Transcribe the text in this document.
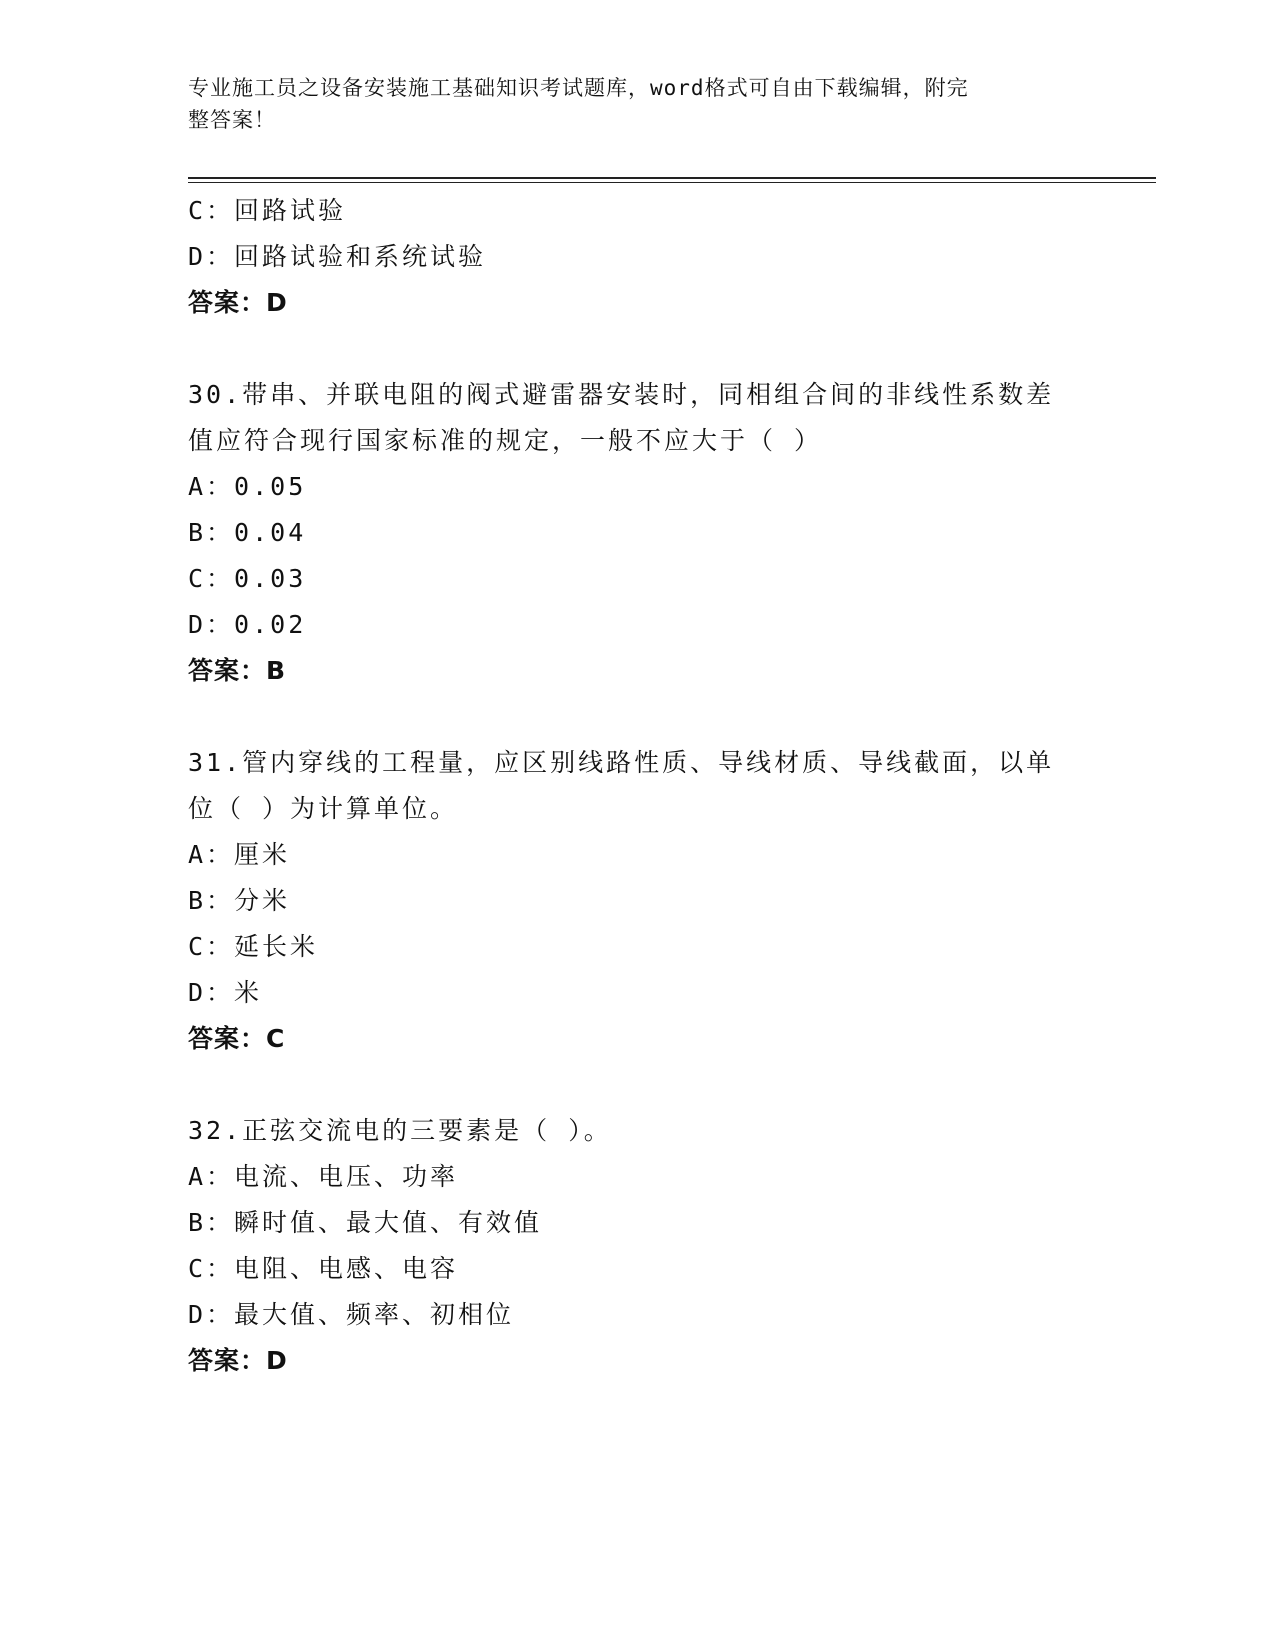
专业施工员之设备安装施工基础知识考试题库，word格式可自由下载编辑，附完
整答案！
C：回路试验
D：回路试验和系统试验
答案：D
30.带串、并联电阻的阀式避雷器安装时，同相组合间的非线性系数差
值应符合现行国家标准的规定，一般不应大于（ ）
A：0.05
B：0.04
C：0.03
D：0.02
答案：B
31.管内穿线的工程量，应区别线路性质、导线材质、导线截面，以单
位（ ）为计算单位。
A：厘米
B：分米
C：延长米
D：米
答案：C
32.正弦交流电的三要素是（ ）。
A：电流、电压、功率
B：瞬时值、最大值、有效值
C：电阻、电感、电容
D：最大值、频率、初相位
答案：D
